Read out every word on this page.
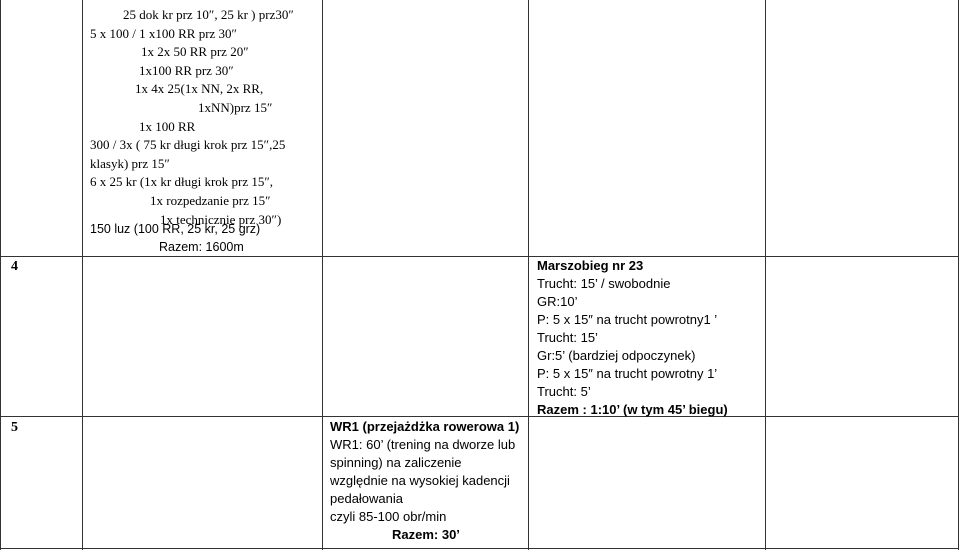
25 dok kr prz 10″, 25 kr ) prz30″
5 x 100 / 1 x100 RR prz 30″
1x 2x 50 RR prz 20″
1x100 RR prz 30″
1x 4x 25(1x NN, 2x RR,
1xNN)prz 15″
1x 100 RR
300 / 3x ( 75 kr długi krok prz 15″,25
klasyk) prz 15″
6 x 25 kr (1x kr długi krok prz 15″,
1x rozpedzanie prz 15″
1x technicznie prz 30″)
150 luz (100 RR, 25 kr, 25 grz)
Razem: 1600m
4	Marszobieg nr 23
Trucht: 15’ / swobodnie
GR:10’
P: 5 x 15″ na trucht powrotny1 ’
Trucht: 15’
Gr:5’ (bardziej odpoczynek)
P: 5 x 15″ na trucht powrotny 1’
Trucht: 5’
Razem : 1:10’ (w tym 45’ biegu)
5	WR1 (przejażdżka rowerowa 1)
WR1: 60’ (trening na dworze lub
spinning) na zaliczenie
względnie na wysokiej kadencji
pedałowania
czyli 85-100 obr/min
Razem: 30’
